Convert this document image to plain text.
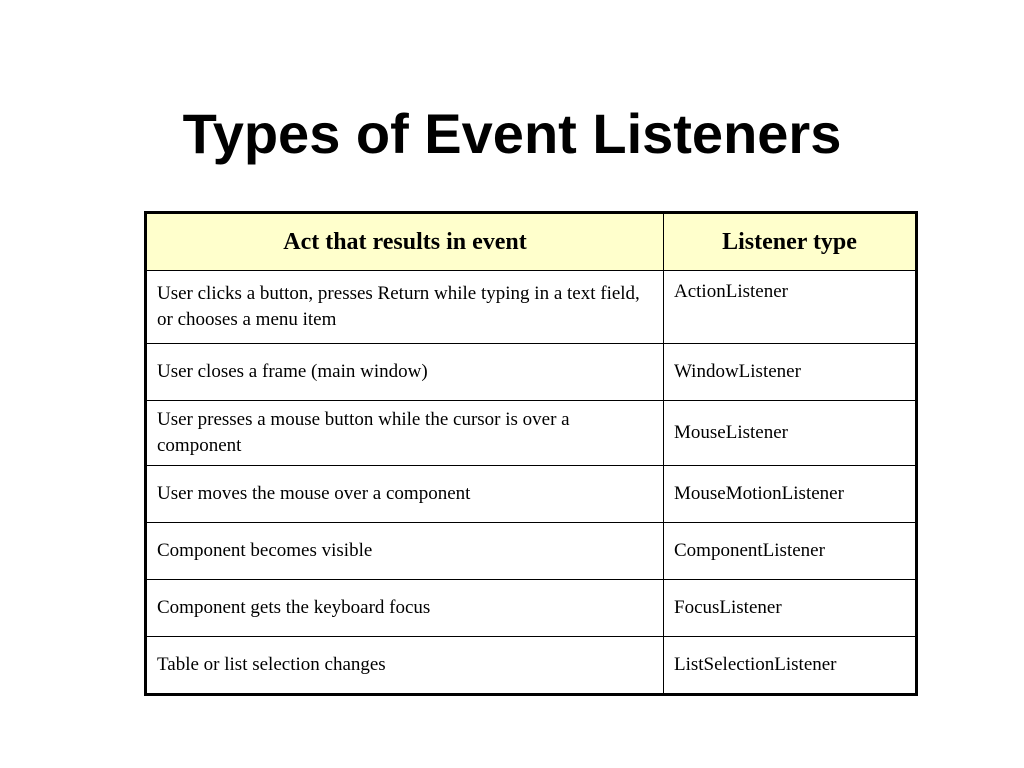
Types of Event Listeners
Act that results in event	Listener type
User clicks a button, presses Return while typing in a text field, or chooses a menu item	ActionListener
User closes a frame (main window)	WindowListener
User presses a mouse button while the cursor is over a component	MouseListener
User moves the mouse over a component	MouseMotionListener
Component becomes visible	ComponentListener
Component gets the keyboard focus	FocusListener
Table or list selection changes	ListSelectionListener
